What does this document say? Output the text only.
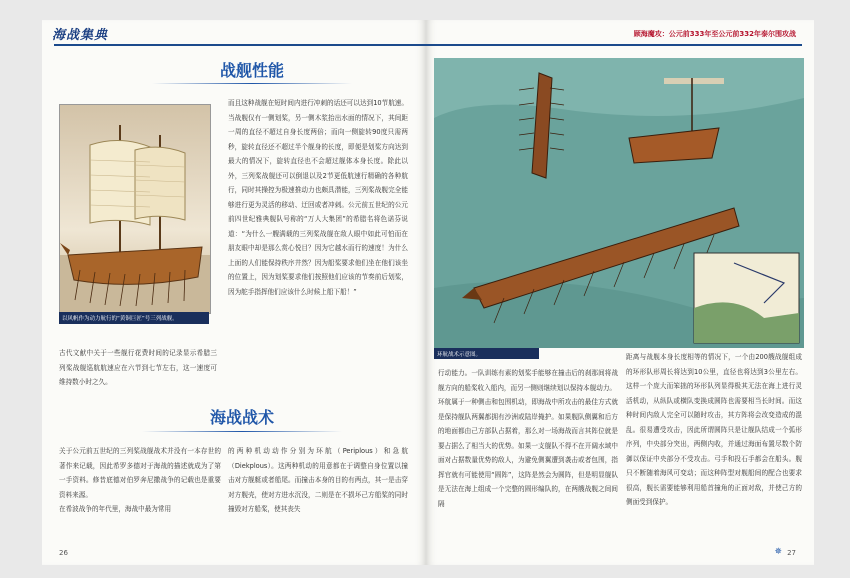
海战集典
战舰性能
以风帆作为动力航行的“黄铜巨匠”号三列战舰。
而且这种战舰在短时间内进行冲刺的话还可以达到10节航速。当战舰仅有一侧划桨，另一侧木浆抬出水面的情况下，其间距一周的直径不超过自身长度两倍；而向一侧旋转90度只需两秒，旋转直径还不超过半个舰身的长度，即便是划桨方向达到最大的情况下，旋转直径也不会超过舰体本身长度。除此以外，三列桨战舰还可以倒退以及2节更低航速行精确的各种航行，同时其操控为极速推动力也颇具潜能，三列桨战舰完全能够进行更为灵活的移动、迂回或者冲刺。公元前五世纪的公元前四世纪雅典舰队号称的“万人大集团”的希腊名将色诺芬说道：“为什么一艘满载的三列桨战舰在敌人眼中如此可怕而在朋友眼中却是那么赏心悦目？因为它越水而行的速度！为什么上面的人们能保持秩序井然？因为船桨要求他们坐在他们该坐的位置上，因为划桨要求他们按照他们应该的节奏前后划桨，因为舵手指挥他们应该什么时候上船下船！”
古代文献中关于一些舰行花费时间的记录显示希腊三列桨战舰巡航航速应在六节到七节左右，这一速度可维持数小时之久。
海战战术
关于公元前五世纪的三列桨战舰战术并没有一本存世的著作来记载，因此希罗多德对于海战的描述就成为了第一手资料。修昔底德对伯罗奔尼撒战争的记载也是重要资料来源。
在希波战争的年代里，海战中最为常用
的两种机动动作分别为环航（Periplous）和急航（Diekplous）。这两种机动的用意都在于调整自身位置以撞击对方舰艇或者船尾。而撞击本身的目的有两点，其一是击穿对方舰壳，使对方进水沉没，二则是在不损坏己方船桨的同时撞毁对方船桨，使其丧失
26
顾海魔攻：公元前333年至公元前332年泰尔围攻战
环航战术示意图。
行动能力。一队训练有素的划桨手能够在撞击后的刹那间将战舰方向的船桨收入船内，而另一侧则继续划以保持本舰动力。
环航属于一种侧击和包围机动，即海战中所攻击的最佳方式就是保持舰队两翼都拥有沙洲或陆岸掩护。如果舰队侧翼和后方的地面都由己方部队占据着，那么对一场海战而言其阵位就是要占据么了相当大的优势。如果一支舰队不得不在开阔水域中面对占据数量优势的敌人，为避免侧翼遭到袭击或者包围，指挥官就有可能使用“圆阵”，这阵是然会为圆阵，但是明显舰队是无法在海上组成一个完整的圆形编队的，在两艘战舰之间间隔
距离与战舰本身长度相等的情况下，一个由200艘战舰组成的环形队形周长将达到10公里，直径也将达到3公里左右。这样一个庞大而笨拙的环形队列显得极其无法在海上进行灵活机动，从纵队或横队变换成圆阵也需要相当长时间。而这种时间内敌人完全可以随时攻击，其方阵将会改变造成的混乱。很易遭受攻击，因此所谓圆阵只是让舰队结成一个弧形序列，中央部分突出，两侧内收，并通过海面布置尽数个防御以保证中央部分不受攻击。弓手和投石手都会在船头。舰只不断随着海风可变动；而这种阵型对舰船间的配合也要求很高，舰长需要能够利用船首撞角的正面对敌，并使己方的侧面受到保护。
✵ 27
